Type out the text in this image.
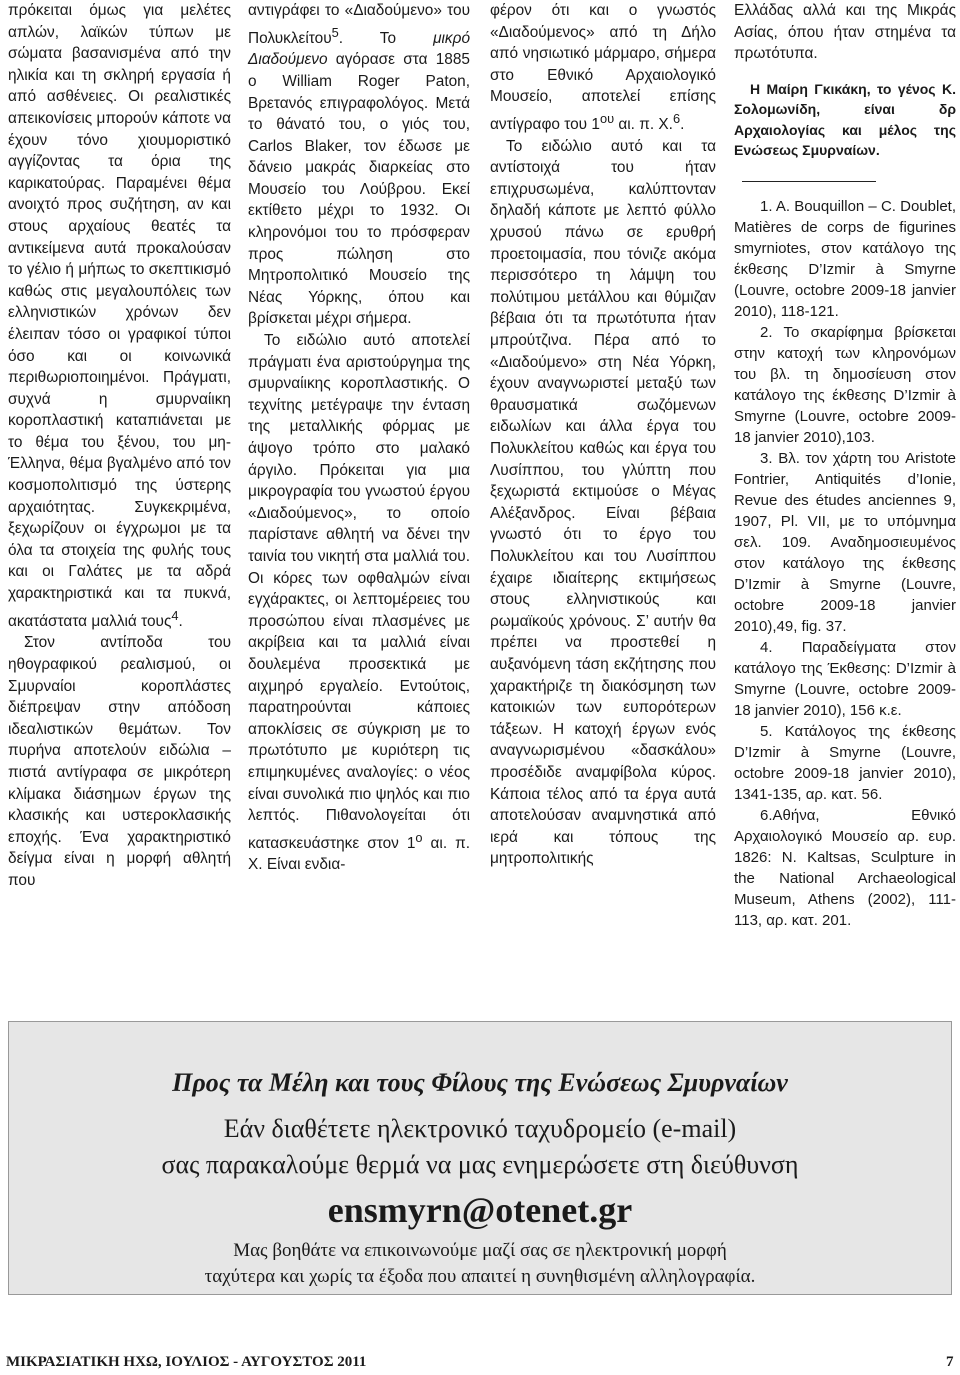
πρόκειται όμως για μελέτες απλών, λαϊκών τύπων με σώματα βασανισμένα από την ηλικία και τη σκληρή εργασία ή από ασθένειες. Οι ρεαλιστικές απεικονίσεις μπορούν κάποτε να έχουν τόνο χιουμοριστικό αγγίζοντας τα όρια της καρικατούρας. Παραμένει θέμα ανοιχτό προς συζήτηση, αν και στους αρχαίους θεατές τα αντικείμενα αυτά προκαλούσαν το γέλιο ή μήπως το σκεπτικισμό καθώς στις μεγαλουπόλεις των ελληνιστικών χρόνων δεν έλειπαν τόσο οι γραφικοί τύποι όσο και οι κοινωνικά περιθωριοποιημένοι. Πράγματι, συχνά η σμυρναίικη κοροπλαστική καταπιάνεται με το θέμα του ξένου, του μη-Έλληνα, θέμα βγαλμένο από τον κοσμοπολιτισμό της ύστερης αρχαιότητας. Συγκεκριμένα, ξεχωρίζουν οι έγχρωμοι με τα όλα τα στοιχεία της φυλής τους και οι Γαλάτες με τα αδρά χαρακτηριστικά και τα πυκνά, ακατάστατα μαλλιά τους$^4$.

Στον αντίποδα του ηθογραφικού ρεαλισμού, οι Σμυρναίοι κοροπλάστες διέπρεψαν στην απόδοση ιδεαλιστικών θεμάτων. Τον πυρήνα αποτελούν ειδώλια – πιστά αντίγραφα σε μικρότερη κλίμακα διάσημων έργων της κλασικής και υστεροκλασικής εποχής. Ένα χαρακτηριστικό δείγμα είναι η μορφή αθλητή που

αντιγράφει το «Διαδούμενο» του Πολυκλείτου$^5$. Το μικρό Διαδούμενο αγόρασε στα 1885 ο William Roger Paton, Βρετανός επιγραφολόγος. Μετά το θάνατό του, ο γιός του, Carlos Blaker, τον έδωσε με δάνειο μακράς διαρκείας στο Μουσείο του Λούβρου. Εκεί εκτίθετο μέχρι το 1932. Οι κληρονόμοι του το πρόσφεραν προς πώληση στο Μητροπολιτικό Μουσείο της Νέας Υόρκης, όπου και βρίσκεται μέχρι σήμερα.

Το ειδώλιο αυτό αποτελεί πράγματι ένα αριστούργημα της σμυρναίικης κοροπλαστικής. Ο τεχνίτης μετέγραψε την ένταση της μεταλλικής φόρμας με άψογο τρόπο στο μαλακό άργιλο. Πρόκειται για μια μικρογραφία του γνωστού έργου «Διαδούμενος», το οποίο παρίστανε αθλητή να δένει την ταινία του νικητή στα μαλλιά του. Οι κόρες των οφθαλμών είναι εγχάρακτες, οι λεπτομέρειες του προσώπου είναι πλασμένες με ακρίβεια και τα μαλλιά είναι δουλεμένα προσεκτικά με αιχμηρό εργαλείο. Εντούτοις, παρατηρούνται κάποιες αποκλίσεις σε σύγκριση με το πρωτότυπο με κυριότερη τις επιμηκυμένες αναλογίες: ο νέος είναι συνολικά πιο ψηλός και πιο λεπτός. Πιθανολογείται ότι κατασκευάστηκε στον $1^o$ αι. π. Χ. Είναι ενδια-

φέρον ότι και ο γνωστός «Διαδούμενος» από τη Δήλο από νησιωτικό μάρμαρο, σήμερα στο Εθνικό Αρχαιολογικό Μουσείο, αποτελεί επίσης αντίγραφο του $1^{o\upsilon}$ αι. π. Χ.$^6$.

Το ειδώλιο αυτό και τα αντίστοιχά του ήταν επιχρυσωμένα, καλύπτονταν δηλαδή κάποτε με λεπτό φύλλο χρυσού πάνω σε ερυθρή προετοιμασία, που τόνιζε ακόμα περισσότερο τη λάμψη του πολύτιμου μετάλλου και θύμιζαν βέβαια ότι τα πρωτότυπα ήταν μπρούτζινα. Πέρα από το «Διαδούμενο» στη Νέα Υόρκη, έχουν αναγνωριστεί μεταξύ των θραυσματικά σωζόμενων ειδωλίων και άλλα έργα του Πολυκλείτου καθώς και έργα του Λυσίππου, του γλύπτη που ξεχωριστά εκτιμούσε ο Μέγας Αλέξανδρος. Είναι βέβαια γνωστό ότι το έργο του Πολυκλείτου και του Λυσίππου έχαιρε ιδιαίτερης εκτιμήσεως στους ελληνιστικούς και ρωμαϊκούς χρόνους. Σ’ αυτήν θα πρέπει να προστεθεί η αυξανόμενη τάση εκζήτησης που χαρακτήριζε τη διακόσμηση των κατοικιών των ευπορότερων τάξεων. Η κατοχή έργων ενός αναγνωρισμένου «δασκάλου» προσέδιδε αναμφίβολα κύρος. Κάποια τέλος από τα έργα αυτά αποτελούσαν αναμνηστικά από ιερά και τόπους της μητροπολιτικής

Ελλάδας αλλά και της Μικράς Ασίας, όπου ήταν στημένα τα πρωτότυπα.

Η Μαίρη Γκικάκη, το γένος Κ. Σολομωνίδη, είναι δρ Αρχαιολογίας και μέλος της Ενώσεως Σμυρναίων.

1. A. Bouquillon – C. Doublet, Matières de corps de figurines smyrniotes, στον κατάλογο της έκθεσης D’Izmir à Smyrne (Louvre, octobre 2009-18 janvier 2010), 118-121.

2. Το σκαρίφημα βρίσκεται στην κατοχή των κληρονόμων του βλ. τη δημοσίευση στον κατάλογο της έκθεσης D’Izmir à Smyrne (Louvre, octobre 2009-18 janvier 2010),103.

3. Βλ. τον χάρτη του Aristote Fontrier, Antiquités d’Ionie, Revue des études anciennes 9, 1907, Pl. VII, με το υπόμνημα σελ. 109. Αναδημοσιευμένος στον κατάλογο της έκθεσης D’Izmir à Smyrne (Louvre, octobre 2009-18 janvier 2010),49, fig. 37.

4. Παραδείγματα στον κατάλογο της Έκθεσης: D’Izmir à Smyrne (Louvre, octobre 2009-18 janvier 2010), 156 κ.ε.

5. Κατάλογος της έκθεσης D’Izmir à Smyrne (Louvre, octobre 2009-18 janvier 2010), 1341-135, αρ. κατ. 56.

6.Αθήνα, Εθνικό Αρχαιολογικό Μουσείο αρ. ευρ. 1826: N. Kaltsas, Sculpture in the National Archaeological Museum, Athens (2002), 111-113, αρ. κατ. 201.

Προς τα Μέλη και τους Φίλους της Ενώσεως Σμυρναίων
Εάν διαθέτετε ηλεκτρονικό ταχυδρομείο (e-mail)
σας παρακαλούμε θερμά να μας ενημερώσετε στη διεύθυνση
ensmyrn@otenet.gr
Μας βοηθάτε να επικοινωνούμε μαζί σας σε ηλεκτρονική μορφή
ταχύτερα και χωρίς τα έξοδα που απαιτεί η συνηθισμένη αλληλογραφία.
ΜΙΚΡΑΣΙΑΤΙΚΗ ΗΧΩ, ΙΟΥΛΙΟΣ - ΑΥΓΟΥΣΤΟΣ 2011	7
